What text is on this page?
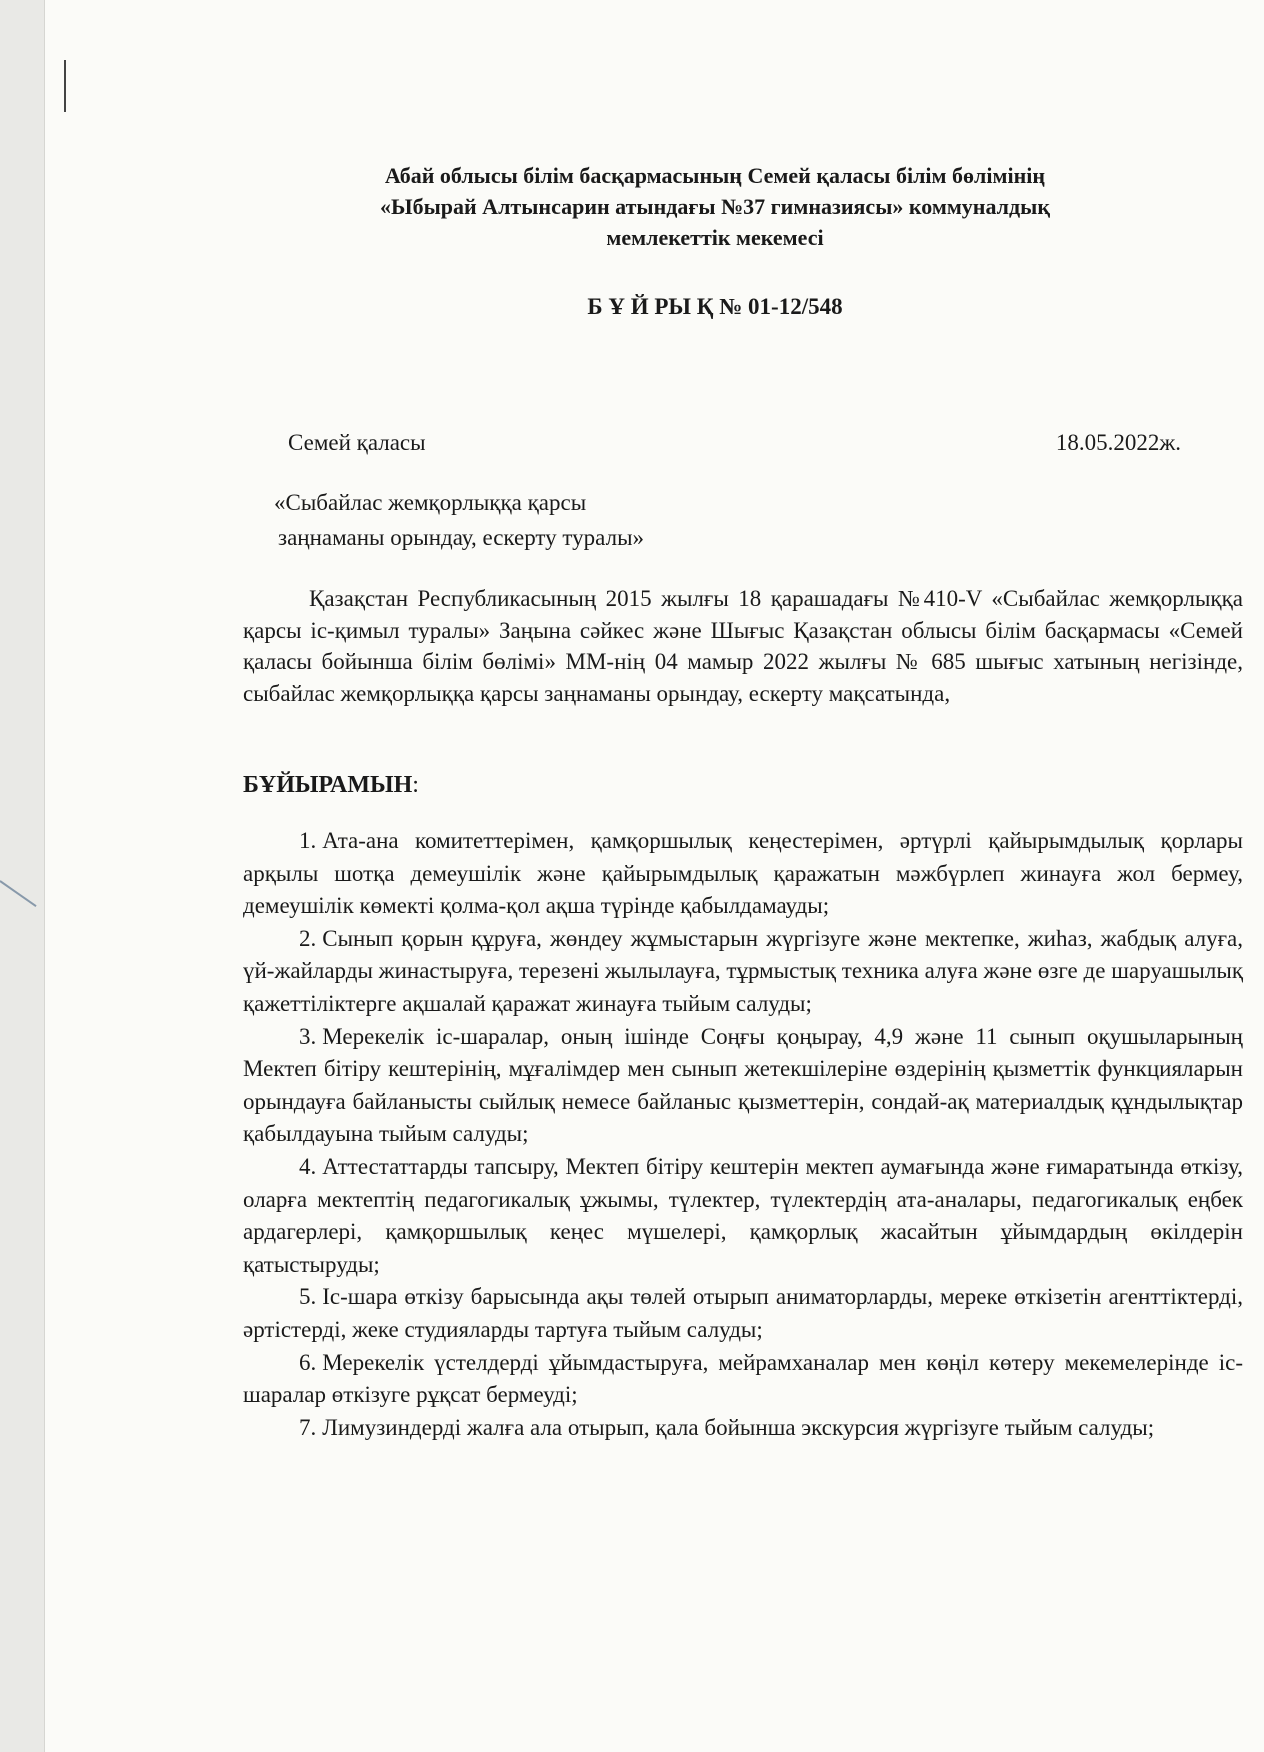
Абай облысы білім басқармасының Семей қаласы білім бөлімінің
«Ыбырай Алтынсарин атындағы №37 гимназиясы» коммуналдық
мемлекеттік мекемесі
Б Ұ Й РЫ Қ № 01-12/548
Семей қаласы	18.05.2022ж.
«Сыбайлас жемқорлыққа қарсы
заңнаманы орындау, ескерту туралы»

Қазақстан Республикасының 2015 жылғы 18 қарашадағы №410-V «Сыбайлас жемқорлыққа қарсы іс-қимыл туралы» Заңына сәйкес және Шығыс Қазақстан облысы білім басқармасы «Семей қаласы бойынша білім бөлімі» ММ-нің 04 мамыр 2022 жылғы № 685 шығыс хатының негізінде, сыбайлас жемқорлыққа қарсы заңнаманы орындау, ескерту мақсатында,

БҰЙЫРАМЫН:

1. Ата-ана комитеттерімен, қамқоршылық кеңестерімен, әртүрлі қайырымдылық қорлары арқылы шотқа демеушілік және қайырымдылық қаражатын мәжбүрлеп жинауға жол бермеу, демеушілік көмекті қолма-қол ақша түрінде қабылдамауды;

2. Сынып қорын құруға, жөндеу жұмыстарын жүргізуге және мектепке, жиһаз, жабдық алуға, үй-жайларды жинастыруға, терезені жылылауға, тұрмыстық техника алуға және өзге де шаруашылық қажеттіліктерге ақшалай қаражат жинауға тыйым салуды;

3. Мерекелік іс-шаралар, оның ішінде Соңғы қоңырау, 4,9 және 11 сынып оқушыларының Мектеп бітіру кештерінің, мұғалімдер мен сынып жетекшілеріне өздерінің қызметтік функцияларын орындауға байланысты сыйлық немесе байланыс қызметтерін, сондай-ақ материалдық құндылықтар қабылдауына тыйым салуды;

4. Аттестаттарды тапсыру, Мектеп бітіру кештерін мектеп аумағында және ғимаратында өткізу, оларға мектептің педагогикалық ұжымы, түлектер, түлектердің ата-аналары, педагогикалық еңбек ардагерлері, қамқоршылық кеңес мүшелері, қамқорлық жасайтын ұйымдардың өкілдерін қатыстыруды;

5. Іс-шара өткізу барысында ақы төлей отырып аниматорларды, мереке өткізетін агенттіктерді, әртістерді, жеке студияларды тартуға тыйым салуды;

6. Мерекелік үстелдерді ұйымдастыруға, мейрамханалар мен көңіл көтеру мекемелерінде іс-шаралар өткізуге рұқсат бермеуді;

7. Лимузиндерді жалға ала отырып, қала бойынша экскурсия жүргізуге тыйым салуды;
